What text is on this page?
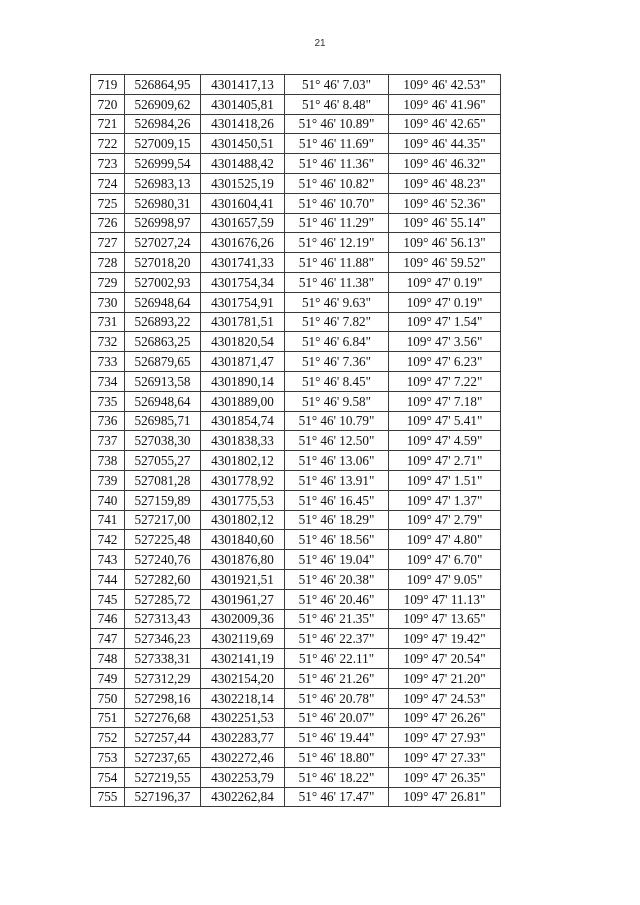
21
719	526864,95	4301417,13	51° 46' 7.03"	109° 46' 42.53"
720	526909,62	4301405,81	51° 46' 8.48"	109° 46' 41.96"
721	526984,26	4301418,26	51° 46' 10.89"	109° 46' 42.65"
722	527009,15	4301450,51	51° 46' 11.69"	109° 46' 44.35"
723	526999,54	4301488,42	51° 46' 11.36"	109° 46' 46.32"
724	526983,13	4301525,19	51° 46' 10.82"	109° 46' 48.23"
725	526980,31	4301604,41	51° 46' 10.70"	109° 46' 52.36"
726	526998,97	4301657,59	51° 46' 11.29"	109° 46' 55.14"
727	527027,24	4301676,26	51° 46' 12.19"	109° 46' 56.13"
728	527018,20	4301741,33	51° 46' 11.88"	109° 46' 59.52"
729	527002,93	4301754,34	51° 46' 11.38"	109° 47' 0.19"
730	526948,64	4301754,91	51° 46' 9.63"	109° 47' 0.19"
731	526893,22	4301781,51	51° 46' 7.82"	109° 47' 1.54"
732	526863,25	4301820,54	51° 46' 6.84"	109° 47' 3.56"
733	526879,65	4301871,47	51° 46' 7.36"	109° 47' 6.23"
734	526913,58	4301890,14	51° 46' 8.45"	109° 47' 7.22"
735	526948,64	4301889,00	51° 46' 9.58"	109° 47' 7.18"
736	526985,71	4301854,74	51° 46' 10.79"	109° 47' 5.41"
737	527038,30	4301838,33	51° 46' 12.50"	109° 47' 4.59"
738	527055,27	4301802,12	51° 46' 13.06"	109° 47' 2.71"
739	527081,28	4301778,92	51° 46' 13.91"	109° 47' 1.51"
740	527159,89	4301775,53	51° 46' 16.45"	109° 47' 1.37"
741	527217,00	4301802,12	51° 46' 18.29"	109° 47' 2.79"
742	527225,48	4301840,60	51° 46' 18.56"	109° 47' 4.80"
743	527240,76	4301876,80	51° 46' 19.04"	109° 47' 6.70"
744	527282,60	4301921,51	51° 46' 20.38"	109° 47' 9.05"
745	527285,72	4301961,27	51° 46' 20.46"	109° 47' 11.13"
746	527313,43	4302009,36	51° 46' 21.35"	109° 47' 13.65"
747	527346,23	4302119,69	51° 46' 22.37"	109° 47' 19.42"
748	527338,31	4302141,19	51° 46' 22.11"	109° 47' 20.54"
749	527312,29	4302154,20	51° 46' 21.26"	109° 47' 21.20"
750	527298,16	4302218,14	51° 46' 20.78"	109° 47' 24.53"
751	527276,68	4302251,53	51° 46' 20.07"	109° 47' 26.26"
752	527257,44	4302283,77	51° 46' 19.44"	109° 47' 27.93"
753	527237,65	4302272,46	51° 46' 18.80"	109° 47' 27.33"
754	527219,55	4302253,79	51° 46' 18.22"	109° 47' 26.35"
755	527196,37	4302262,84	51° 46' 17.47"	109° 47' 26.81"
